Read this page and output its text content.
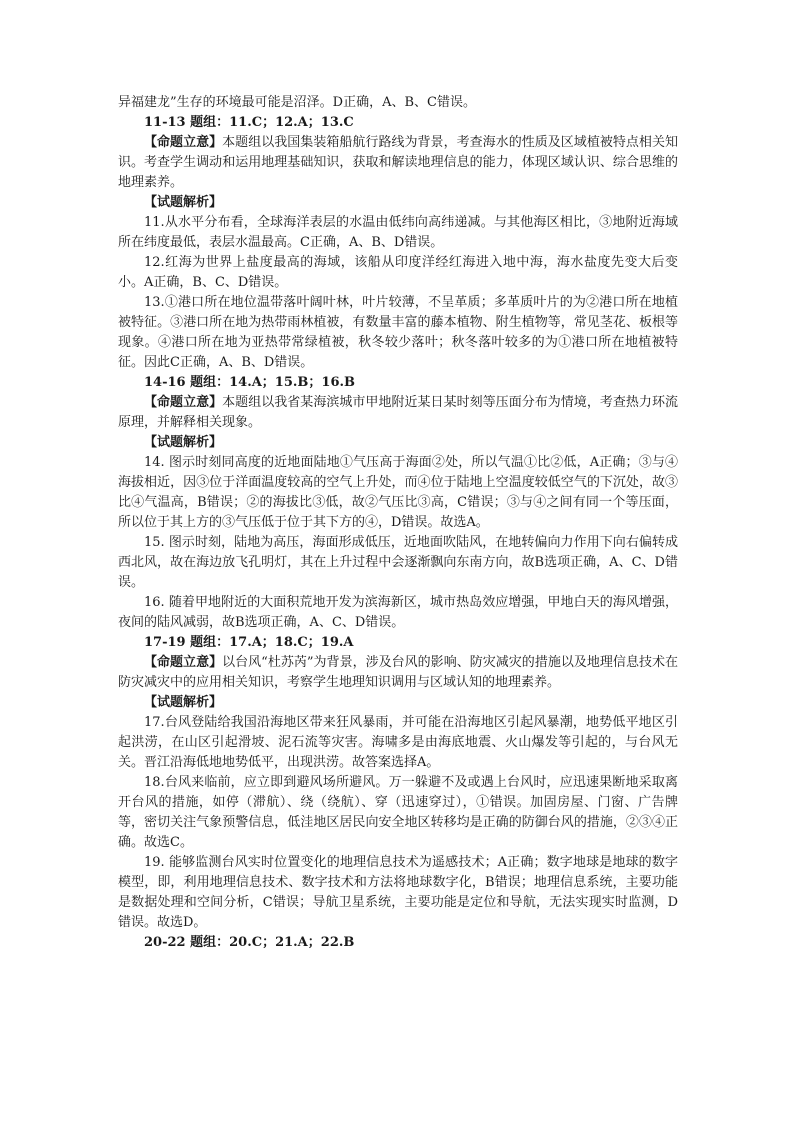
异福建龙”生存的环境最可能是沼泽。D正确，A、B、C错误。

11-13 题组：11.C；12.A；13.C

【命题立意】本题组以我国集装箱船航行路线为背景，考查海水的性质及区域植被特点相关知识。考查学生调动和运用地理基础知识，获取和解读地理信息的能力，体现区域认识、综合思维的地理素养。

【试题解析】

11.从水平分布看，全球海洋表层的水温由低纬向高纬递减。与其他海区相比，③地附近海域所在纬度最低，表层水温最高。C正确，A、B、D错误。

12.红海为世界上盐度最高的海域，该船从印度洋经红海进入地中海，海水盐度先变大后变小。A正确，B、C、D错误。

13.①港口所在地位温带落叶阔叶林，叶片较薄，不呈革质；多革质叶片的为②港口所在地植被特征。③港口所在地为热带雨林植被，有数量丰富的藤本植物、附生植物等，常见茎花、板根等现象。④港口所在地为亚热带常绿植被，秋冬较少落叶；秋冬落叶较多的为①港口所在地植被特征。因此C正确，A、B、D错误。

14-16 题组：14.A；15.B；16.B

【命题立意】本题组以我省某海滨城市甲地附近某日某时刻等压面分布为情境，考查热力环流原理，并解释相关现象。

【试题解析】

14. 图示时刻同高度的近地面陆地①气压高于海面②处，所以气温①比②低，A正确；③与④海拔相近，因③位于洋面温度较高的空气上升处，而④位于陆地上空温度较低空气的下沉处，故③比④气温高，B错误；②的海拔比③低，故②气压比③高，C错误；③与④之间有同一个等压面，所以位于其上方的③气压低于位于其下方的④，D错误。故选A。

15. 图示时刻，陆地为高压，海面形成低压，近地面吹陆风，在地转偏向力作用下向右偏转成西北风，故在海边放飞孔明灯，其在上升过程中会逐渐飘向东南方向，故B选项正确，A、C、D错误。

16. 随着甲地附近的大面积荒地开发为滨海新区，城市热岛效应增强，甲地白天的海风增强，夜间的陆风减弱，故B选项正确，A、C、D错误。

17-19 题组：17.A；18.C；19.A

【命题立意】以台风“杜苏芮”为背景，涉及台风的影响、防灾减灾的措施以及地理信息技术在防灾减灾中的应用相关知识，考察学生地理知识调用与区域认知的地理素养。

【试题解析】

17.台风登陆给我国沿海地区带来狂风暴雨，并可能在沿海地区引起风暴潮，地势低平地区引起洪涝，在山区引起滑坡、泥石流等灾害。海啸多是由海底地震、火山爆发等引起的，与台风无关。晋江沿海低地地势低平，出现洪涝。故答案选择A。

18.台风来临前，应立即到避风场所避风。万一躲避不及或遇上台风时，应迅速果断地采取离开台风的措施，如停（滞航）、绕（绕航）、穿（迅速穿过），①错误。加固房屋、门窗、广告牌等，密切关注气象预警信息，低洼地区居民向安全地区转移均是正确的防御台风的措施，②③④正确。故选C。

19. 能够监测台风实时位置变化的地理信息技术为遥感技术；A正确；数字地球是地球的数字模型，即，利用地理信息技术、数字技术和方法将地球数字化，B错误；地理信息系统，主要功能是数据处理和空间分析，C错误；导航卫星系统，主要功能是定位和导航，无法实现实时监测，D错误。故选D。

20-22 题组：20.C；21.A；22.B
